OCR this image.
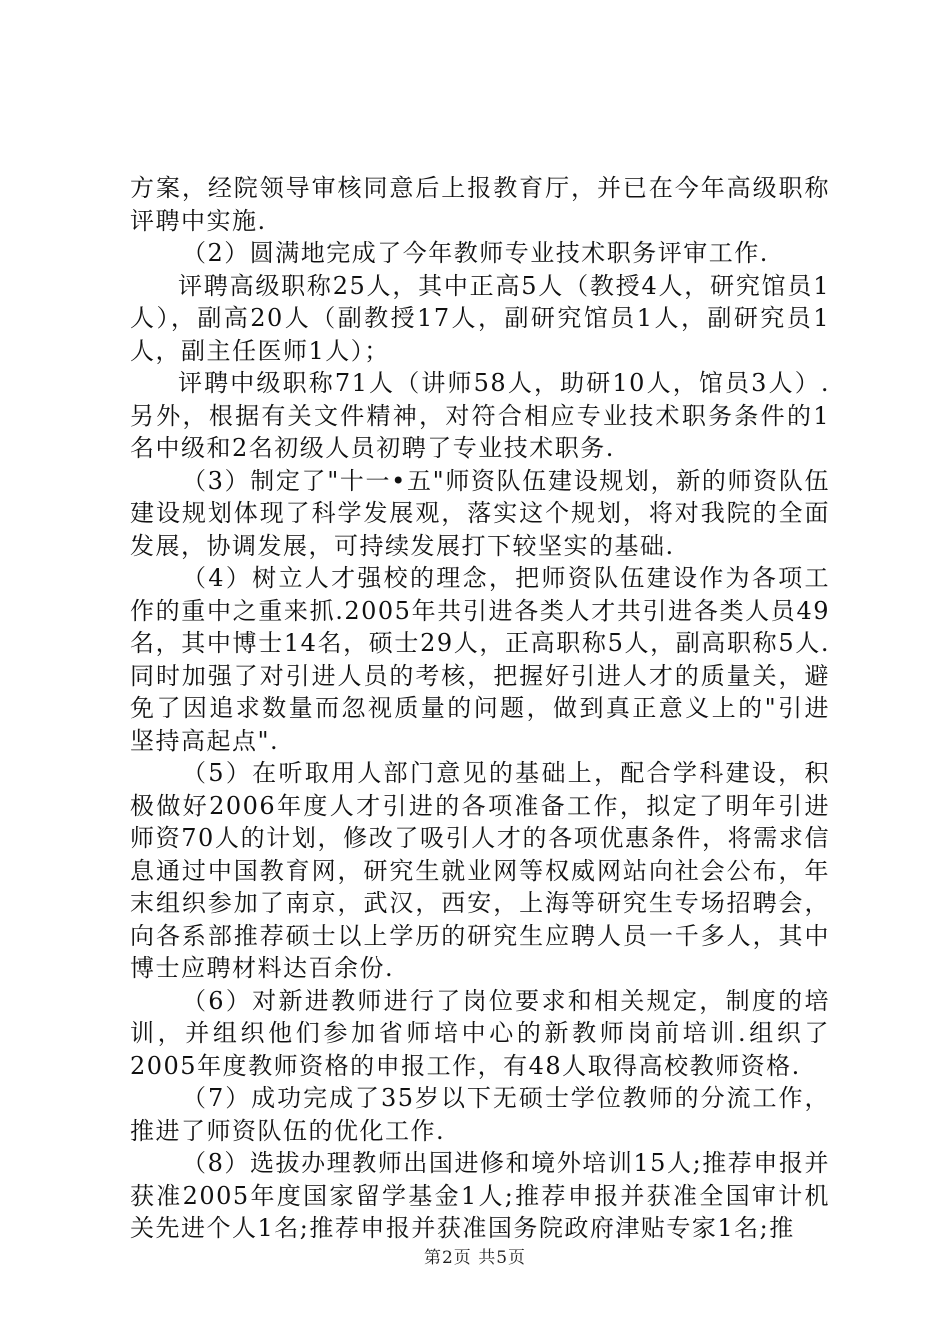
方案，经院领导审核同意后上报教育厅，并已在今年高级职称评聘中实施.

（2）圆满地完成了今年教师专业技术职务评审工作.

评聘高级职称25人，其中正高5人（教授4人，研究馆员1人），副高20人（副教授17人，副研究馆员1人，副研究员1人，副主任医师1人）；

评聘中级职称71人（讲师58人，助研10人，馆员3人）.另外，根据有关文件精神，对符合相应专业技术职务条件的1名中级和2名初级人员初聘了专业技术职务.

（3）制定了"十一•五"师资队伍建设规划，新的师资队伍建设规划体现了科学发展观，落实这个规划，将对我院的全面发展，协调发展，可持续发展打下较坚实的基础.

（4）树立人才强校的理念，把师资队伍建设作为各项工作的重中之重来抓.2005年共引进各类人才共引进各类人员49名，其中博士14名，硕士29人，正高职称5人，副高职称5人.同时加强了对引进人员的考核，把握好引进人才的质量关，避免了因追求数量而忽视质量的问题，做到真正意义上的"引进坚持高起点".

（5）在听取用人部门意见的基础上，配合学科建设，积极做好2006年度人才引进的各项准备工作，拟定了明年引进师资70人的计划，修改了吸引人才的各项优惠条件，将需求信息通过中国教育网，研究生就业网等权威网站向社会公布，年末组织参加了南京，武汉，西安，上海等研究生专场招聘会，向各系部推荐硕士以上学历的研究生应聘人员一千多人，其中博士应聘材料达百余份.

（6）对新进教师进行了岗位要求和相关规定，制度的培训，并组织他们参加省师培中心的新教师岗前培训.组织了2005年度教师资格的申报工作，有48人取得高校教师资格.

（7）成功完成了35岁以下无硕士学位教师的分流工作，推进了师资队伍的优化工作.

（8）选拔办理教师出国进修和境外培训15人;推荐申报并获准2005年度国家留学基金1人;推荐申报并获准全国审计机关先进个人1名;推荐申报并获准国务院政府津贴专家1名;推

第2页 共5页
